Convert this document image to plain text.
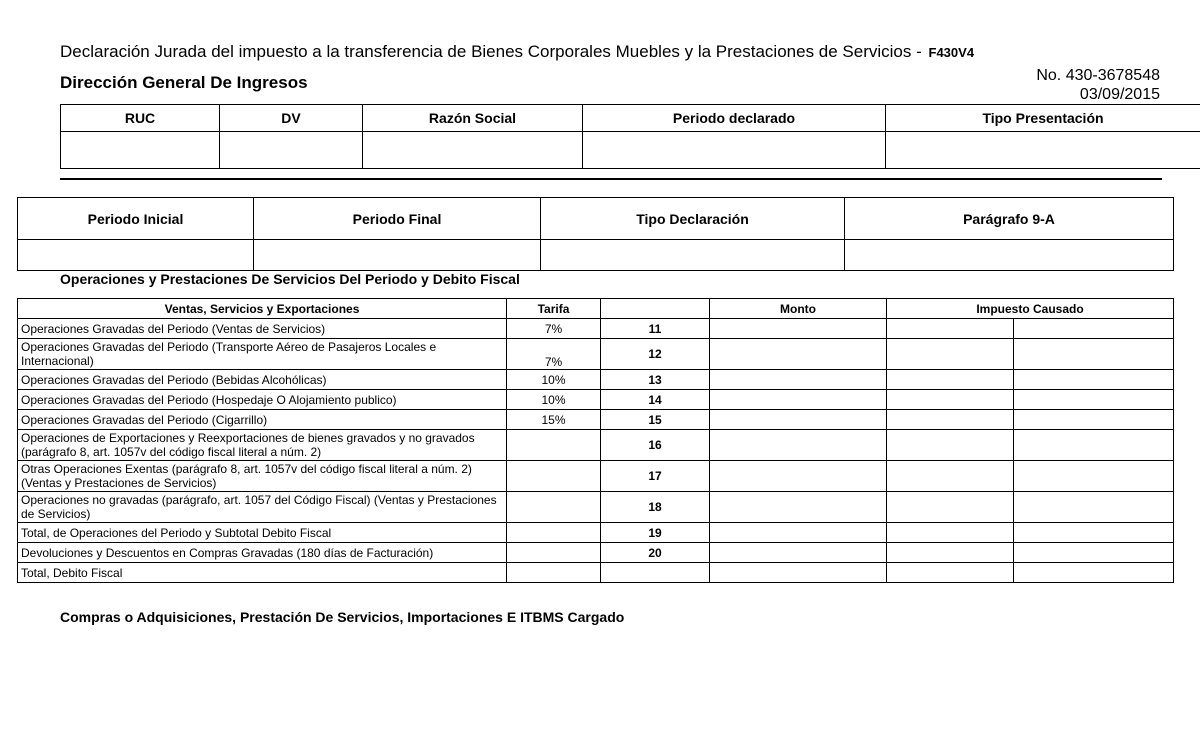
Declaración Jurada del impuesto a la transferencia de Bienes Corporales Muebles y la Prestaciones de Servicios - F430V4
Dirección General De Ingresos	No. 430-3678548
03/09/2015
RUC	DV	Razón Social	Periodo declarado	Tipo Presentación

Periodo Inicial	Periodo Final	Tipo Declaración	Parágrafo 9-A

Operaciones y Prestaciones De Servicios Del Periodo y Debito Fiscal
Ventas, Servicios y Exportaciones	Tarifa		Monto	Impuesto Causado	
Operaciones Gravadas del Periodo (Ventas de Servicios)	7%	11			
Operaciones Gravadas del Periodo (Transporte Aéreo de Pasajeros Locales e Internacional)	7%	12			
Operaciones Gravadas del Periodo (Bebidas Alcohólicas)	10%	13			
Operaciones Gravadas del Periodo (Hospedaje O Alojamiento publico)	10%	14			
Operaciones Gravadas del Periodo (Cigarrillo)	15%	15			
Operaciones de Exportaciones y Reexportaciones de bienes gravados y no gravados (parágrafo 8, art. 1057v del código fiscal literal a núm. 2)		16			
Otras Operaciones Exentas (parágrafo 8, art. 1057v del código fiscal literal a núm. 2) (Ventas y Prestaciones de Servicios)		17			
Operaciones no gravadas (parágrafo, art. 1057 del Código Fiscal) (Ventas y Prestaciones de Servicios)		18			
Total, de Operaciones del Periodo y Subtotal Debito Fiscal		19			
Devoluciones y Descuentos en Compras Gravadas (180 días de Facturación)		20			
Total, Debito Fiscal					
Compras o Adquisiciones, Prestación De Servicios, Importaciones E ITBMS Cargado
